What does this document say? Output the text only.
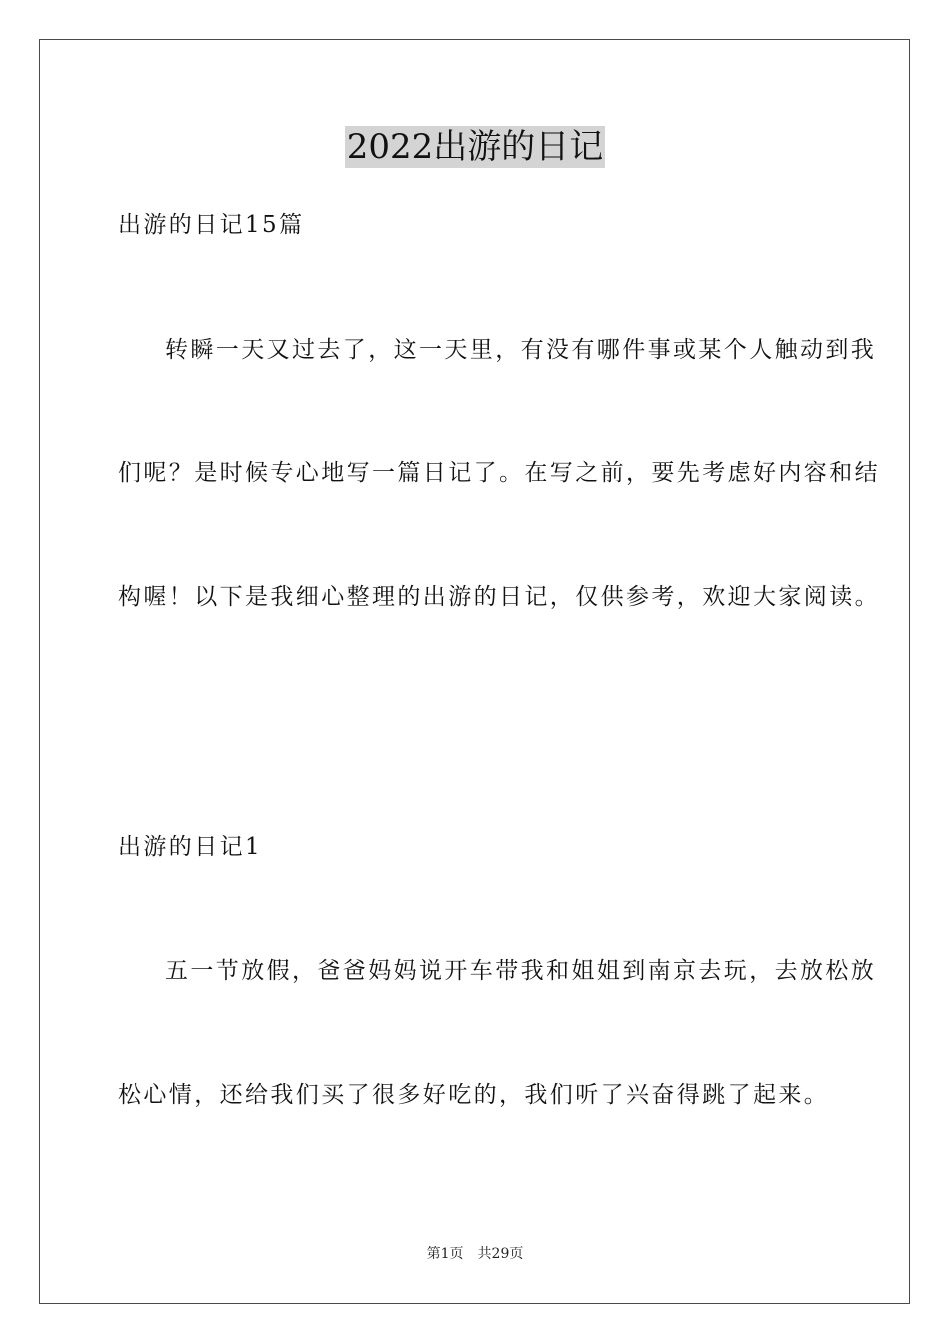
2022出游的日记
出游的日记15篇
转瞬一天又过去了，这一天里，有没有哪件事或某个人触动到我
们呢？是时候专心地写一篇日记了。在写之前，要先考虑好内容和结
构喔！以下是我细心整理的出游的日记，仅供参考，欢迎大家阅读。
出游的日记1
五一节放假，爸爸妈妈说开车带我和姐姐到南京去玩，去放松放
松心情，还给我们买了很多好吃的，我们听了兴奋得跳了起来。
第1页 共29页
